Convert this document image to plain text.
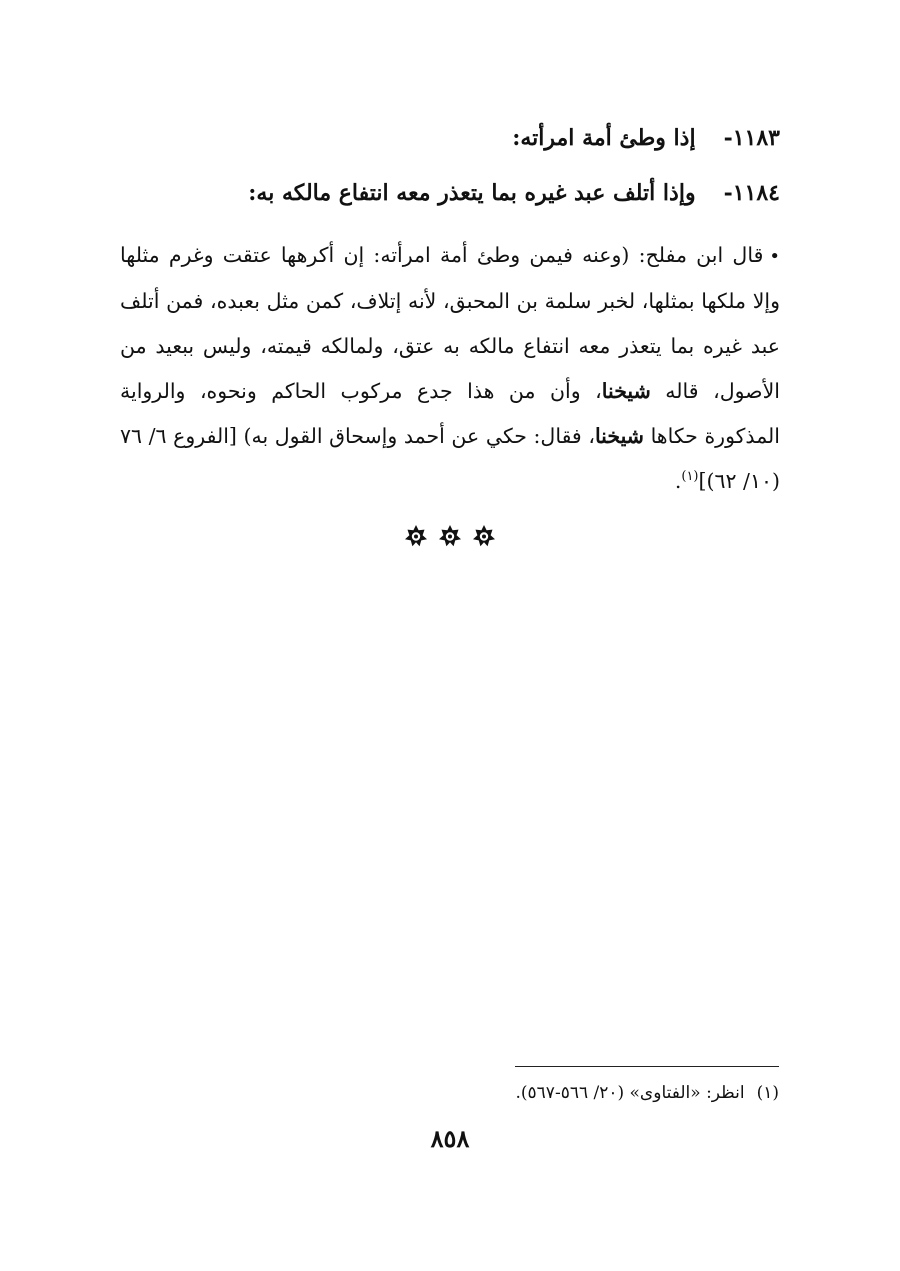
١١٨٣-إذا وطئ أمة امرأته:
١١٨٤-وإذا أتلف عبد غيره بما يتعذر معه انتفاع مالكه به:
•قال ابن مفلح: (وعنه فيمن وطئ أمة امرأته: إن أكرهها عتقت وغرم مثلها وإلا ملكها بمثلها، لخبر سلمة بن المحبق، لأنه إتلاف، كمن مثل بعبده، فمن أتلف عبد غيره بما يتعذر معه انتفاع مالكه به عتق، ولمالكه قيمته، وليس ببعيد من الأصول، قاله شيخنا، وأن من هذا جدع مركوب الحاكم ونحوه، والرواية المذكورة حكاها شيخنا، فقال: حكي عن أحمد وإسحاق القول به) [الفروع ٦/ ٧٦ (١٠/ ٦٢)]$^{(١)}$.
(١)انظر: «الفتاوى» (٢٠/ ٥٦٦-٥٦٧).
٨٥٨
